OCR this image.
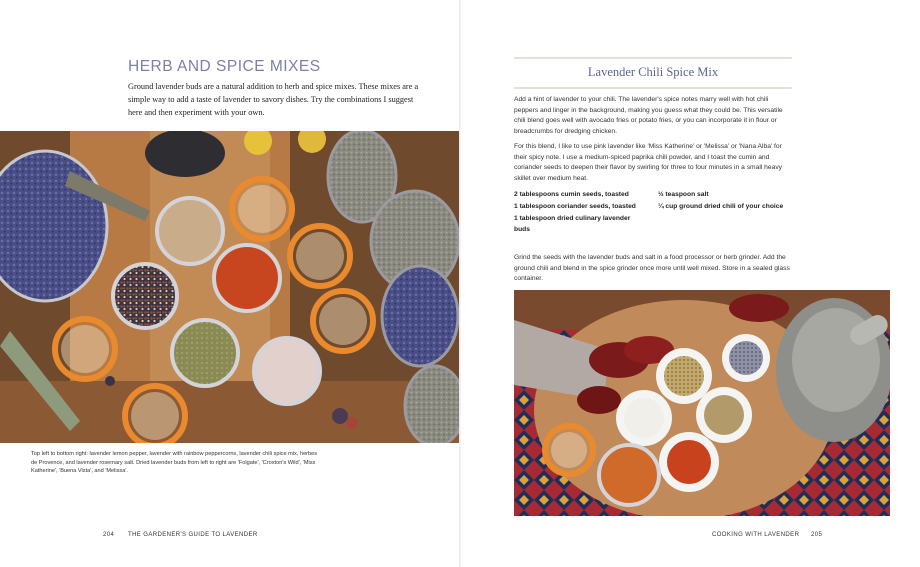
HERB AND SPICE MIXES

Ground lavender buds are a natural addition to herb and spice mixes. These mixes are a simple way to add a taste of lavender to savory dishes. Try the combinations I suggest here and then experiment with your own.

Top left to bottom right: lavender lemon pepper, lavender with rainbow peppercorns, lavender chili spice mix, herbes de Provence, and lavender rosemary salt. Dried lavender buds from left to right are 'Folgate', 'Croxton's Wild', 'Miss Katherine', 'Buena Vista', and 'Melissa'.

204 THE GARDENER'S GUIDE TO LAVENDER
Lavender Chili Spice Mix

Add a hint of lavender to your chili. The lavender's spice notes marry well with hot chili peppers and linger in the background, making you guess what they could be. This versatile chili blend goes well with avocado fries or potato fries, or you can incorporate it in flour or breadcrumbs for dredging chicken.

For this blend, I like to use pink lavender like 'Miss Katherine' or 'Melissa' or 'Nana Alba' for their spicy note. I use a medium-spiced paprika chili powder, and I toast the cumin and coriander seeds to deepen their flavor by swirling for three to four minutes in a small heavy skillet over medium heat.

2 tablespoons cumin seeds, toasted
1 tablespoon coriander seeds, toasted
1 tablespoon dried culinary lavender buds
½ teaspoon salt
¼ cup ground dried chili of your choice

Grind the seeds with the lavender buds and salt in a food processor or herb grinder. Add the ground chili and blend in the spice grinder once more until well mixed. Store in a sealed glass container.

COOKING WITH LAVENDER 205
